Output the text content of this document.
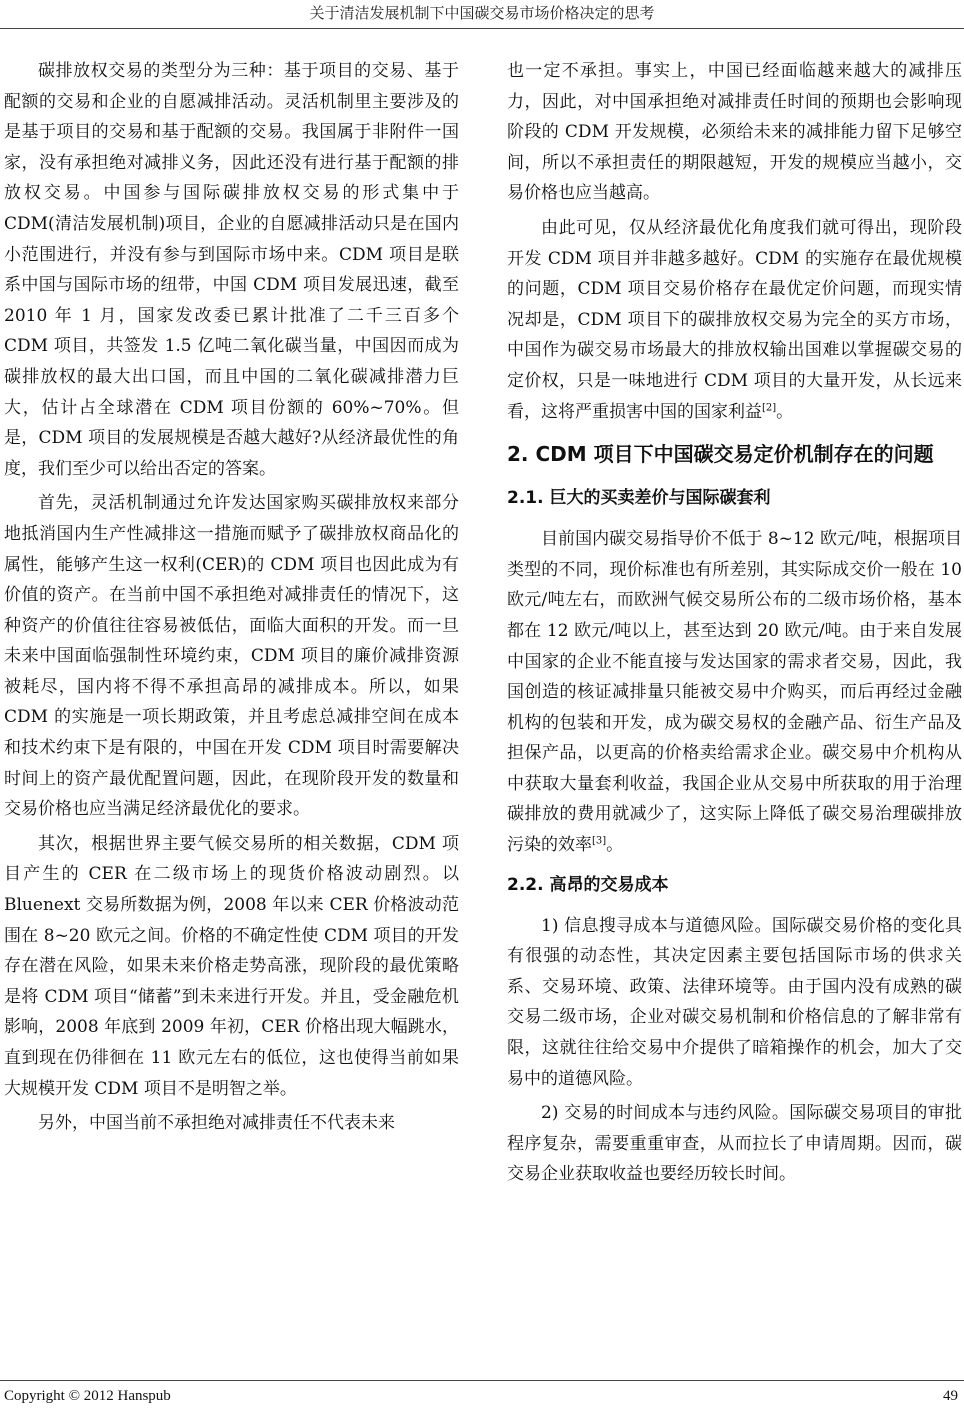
关于清洁发展机制下中国碳交易市场价格决定的思考

碳排放权交易的类型分为三种：基于项目的交易、基于配额的交易和企业的自愿减排活动。灵活机制里主要涉及的是基于项目的交易和基于配额的交易。我国属于非附件一国家，没有承担绝对减排义务，因此还没有进行基于配额的排放权交易。中国参与国际碳排放权交易的形式集中于 CDM(清洁发展机制)项目，企业的自愿减排活动只是在国内小范围进行，并没有参与到国际市场中来。CDM 项目是联系中国与国际市场的纽带，中国 CDM 项目发展迅速，截至 2010 年 1 月，国家发改委已累计批准了二千三百多个 CDM 项目，共签发 1.5 亿吨二氧化碳当量，中国因而成为碳排放权的最大出口国，而且中国的二氧化碳减排潜力巨大，估计占全球潜在 CDM 项目份额的 60%~70%。但是，CDM 项目的发展规模是否越大越好?从经济最优性的角度，我们至少可以给出否定的答案。

首先，灵活机制通过允许发达国家购买碳排放权来部分地抵消国内生产性减排这一措施而赋予了碳排放权商品化的属性，能够产生这一权利(CER)的 CDM 项目也因此成为有价值的资产。在当前中国不承担绝对减排责任的情况下，这种资产的价值往往容易被低估，面临大面积的开发。而一旦未来中国面临强制性环境约束，CDM 项目的廉价减排资源被耗尽，国内将不得不承担高昂的减排成本。所以，如果 CDM 的实施是一项长期政策，并且考虑总减排空间在成本和技术约束下是有限的，中国在开发 CDM 项目时需要解决时间上的资产最优配置问题，因此，在现阶段开发的数量和交易价格也应当满足经济最优化的要求。

其次，根据世界主要气候交易所的相关数据，CDM 项目产生的 CER 在二级市场上的现货价格波动剧烈。以 Bluenext 交易所数据为例，2008 年以来 CER 价格波动范围在 8~20 欧元之间。价格的不确定性使 CDM 项目的开发存在潜在风险，如果未来价格走势高涨，现阶段的最优策略是将 CDM 项目“储蓄”到未来进行开发。并且，受金融危机影响，2008 年底到 2009 年初，CER 价格出现大幅跳水，直到现在仍徘徊在 11 欧元左右的低位，这也使得当前如果大规模开发 CDM 项目不是明智之举。

另外，中国当前不承担绝对减排责任不代表未来

也一定不承担。事实上，中国已经面临越来越大的减排压力，因此，对中国承担绝对减排责任时间的预期也会影响现阶段的 CDM 开发规模，必须给未来的减排能力留下足够空间，所以不承担责任的期限越短，开发的规模应当越小，交易价格也应当越高。

由此可见，仅从经济最优化角度我们就可得出，现阶段开发 CDM 项目并非越多越好。CDM 的实施存在最优规模的问题，CDM 项目交易价格存在最优定价问题，而现实情况却是，CDM 项目下的碳排放权交易为完全的买方市场，中国作为碳交易市场最大的排放权输出国难以掌握碳交易的定价权，只是一味地进行 CDM 项目的大量开发，从长远来看，这将严重损害中国的国家利益[2]。

2. CDM 项目下中国碳交易定价机制存在的问题
2.1. 巨大的买卖差价与国际碳套利

目前国内碳交易指导价不低于 8~12 欧元/吨，根据项目类型的不同，现价标准也有所差别，其实际成交价一般在 10 欧元/吨左右，而欧洲气候交易所公布的二级市场价格，基本都在 12 欧元/吨以上，甚至达到 20 欧元/吨。由于来自发展中国家的企业不能直接与发达国家的需求者交易，因此，我国创造的核证减排量只能被交易中介购买，而后再经过金融机构的包装和开发，成为碳交易权的金融产品、衍生产品及担保产品，以更高的价格卖给需求企业。碳交易中介机构从中获取大量套利收益，我国企业从交易中所获取的用于治理碳排放的费用就减少了，这实际上降低了碳交易治理碳排放污染的效率[3]。

2.2. 高昂的交易成本

1) 信息搜寻成本与道德风险。国际碳交易价格的变化具有很强的动态性，其决定因素主要包括国际市场的供求关系、交易环境、政策、法律环境等。由于国内没有成熟的碳交易二级市场，企业对碳交易机制和价格信息的了解非常有限，这就往往给交易中介提供了暗箱操作的机会，加大了交易中的道德风险。

2) 交易的时间成本与违约风险。国际碳交易项目的审批程序复杂，需要重重审查，从而拉长了申请周期。因而，碳交易企业获取收益也要经历较长时间。

Copyright © 2012 Hanspub	49
